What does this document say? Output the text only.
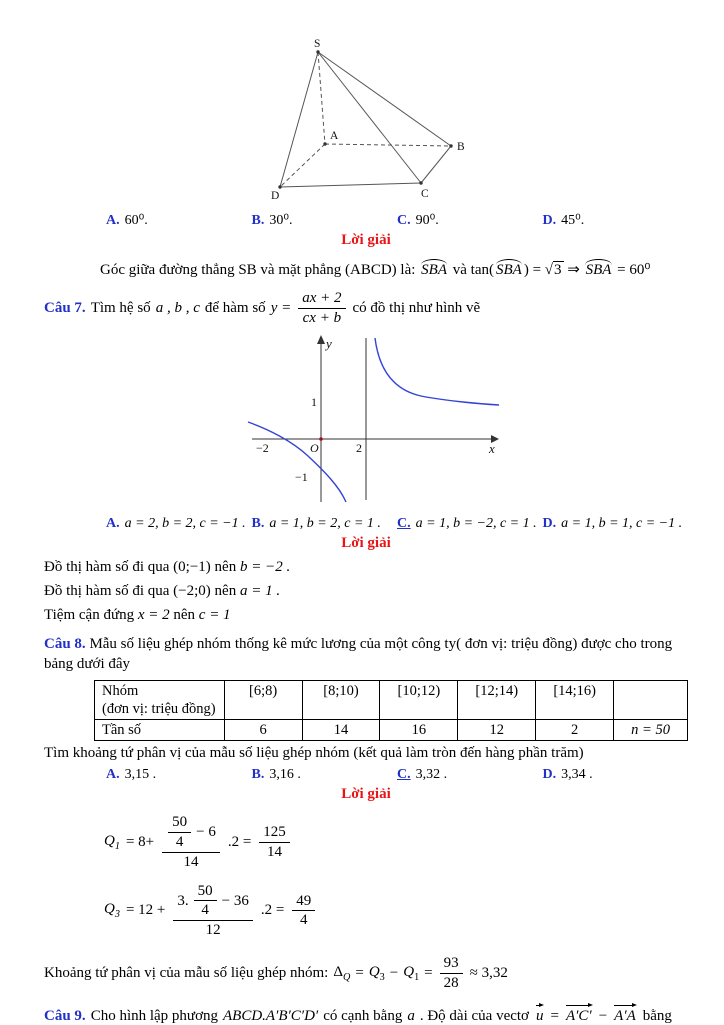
S
A
B
D	C
A. 60⁰.	B. 30⁰.	C. 90⁰.	D. 45⁰.
Lời giải
Góc giữa đường thẳng SB và mặt phẳng (ABCD) là: SBA và tan( SBA ) = √3 ⇒ SBA = 60⁰
Câu 7. Tìm hệ số a , b , c để hàm số $y = \frac{ax + 2}{cx + b}$ có đồ thị như hình vẽ
y
x
O
1
−1
−2	2
A. a = 2, b = 2, c = −1 . B. a = 1, b = 2, c = 1 .	C. a = 1, b = −2, c = 1 . D. a = 1, b = 1, c = −1 .
Lời giải
Đồ thị hàm số đi qua (0;−1) nên b = −2 .
Đồ thị hàm số đi qua (−2;0) nên a = 1 .
Tiệm cận đứng x = 2 nên c = 1

Câu 8. Mẫu số liệu ghép nhóm thống kê mức lương của một công ty( đơn vị: triệu đồng) được cho trong bảng dưới đây

Nhóm
(đơn vị: triệu đồng)	[6;8)	[8;10)	[10;12)	[12;14)	[14;16)	
Tần số	6	14	16	12	2	n = 50
Tìm khoảng tứ phân vị của mẫu số liệu ghép nhóm (kết quả làm tròn đến hàng phần trăm)
A. 3,15 .	B. 3,16 .	C. 3,32 .	D. 3,34 .
Lời giải
$Q_1 = 8+ \frac{\frac{50}{4} - 6}{14} .2 = \frac{125}{14}$
$Q_3 = 12 + \frac{3. \frac{50}{4} - 36}{12} .2 = \frac{49}{4}$
Khoảng tứ phân vị của mẫu số liệu ghép nhóm: $\Delta_Q = Q_3 - Q_1 = \frac{93}{28} \approx 3,32$
Câu 9. Cho hình lập phương ABCD.A′B′C′D′ có cạnh bằng a . Độ dài của vectơ u = A′C′ − A′A bằng
